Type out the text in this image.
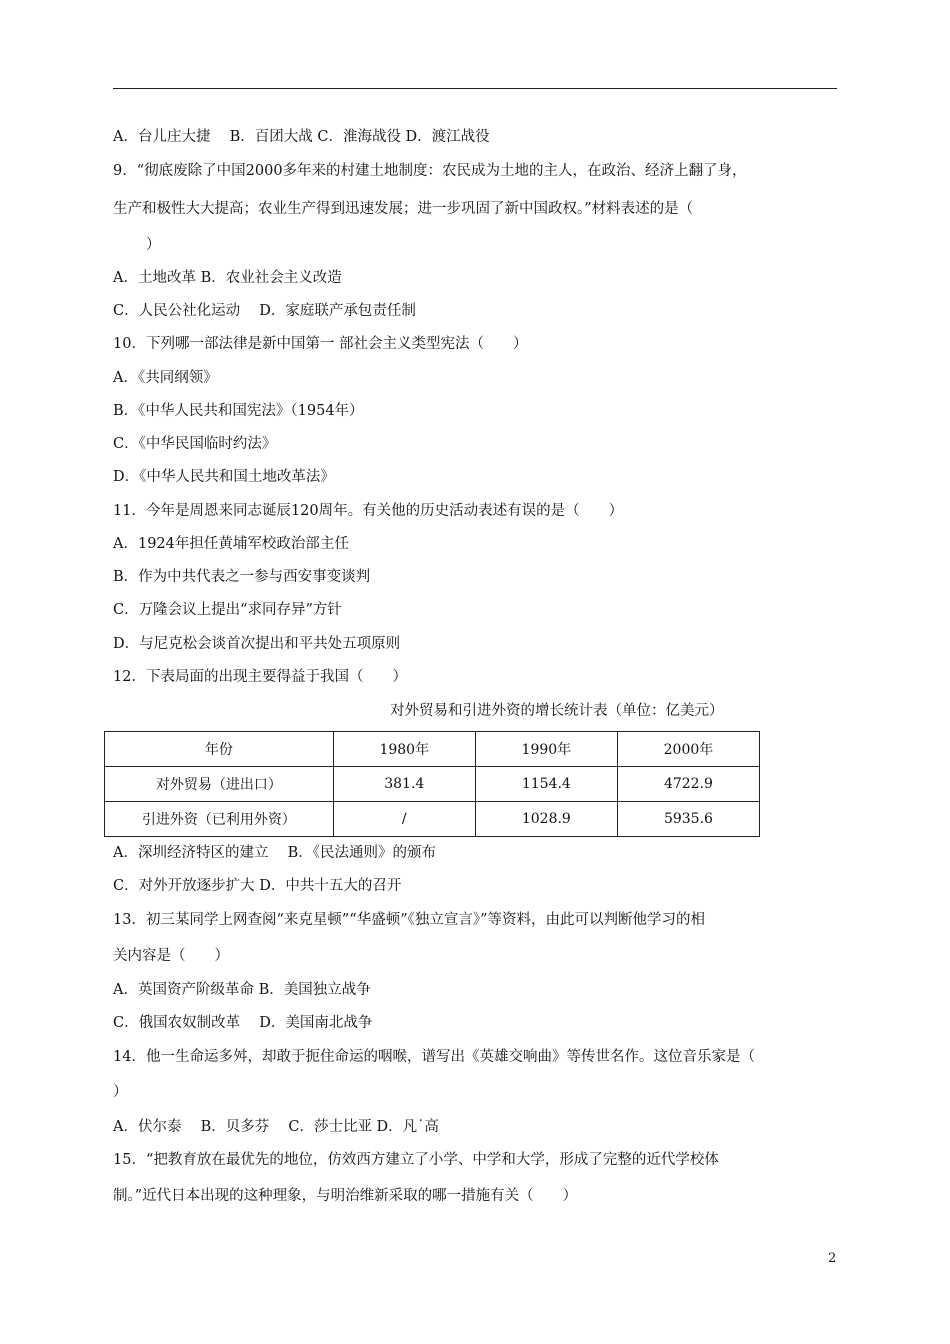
A．台儿庄大捷　 B．百团大战 C．淮海战役 D．渡江战役
9．“彻底废除了中国2000多年来的村建土地制度：农民成为土地的主人，在政治、经济上翻了身，
生产和极性大大提高；农业生产得到迅速发展；进一步巩固了新中国政权。”材料表述的是（
）
A．土地改革 B．农业社会主义改造
C．人民公社化运动　 D．家庭联产承包责任制
10．下列哪一部法律是新中国第一 部社会主义类型宪法（　　）
A．《共同纲领》
B．《中华人民共和国宪法》（1954年）
C．《中华民国临时约法》
D．《中华人民共和国土地改革法》
11．今年是周恩来同志诞辰120周年。有关他的历史活动表述有误的是（　　）
A．1924年担任黄埔军校政治部主任
B．作为中共代表之一参与西安事变谈判
C．万隆会议上提出“求同存异”方针
D．与尼克松会谈首次提出和平共处五项原则
12．下表局面的出现主要得益于我国（　　）
对外贸易和引进外资的增长统计表（单位：亿美元）
年份	1980年	1990年	2000年
对外贸易（进出口）	381.4	1154.4	4722.9
引进外资（已利用外资）	/	1028.9	5935.6
A．深圳经济特区的建立　 B．《民法通则》的颁布
C．对外开放逐步扩大 D．中共十五大的召开
13．初三某同学上网查阅“来克星顿”“华盛顿”《独立宣言》”等资料，由此可以判断他学习的相
关内容是（　　）
A．英国资产阶级革命 B．美国独立战争
C．俄国农奴制改革　 D．美国南北战争
14．他一生命运多舛，却敢于扼住命运的咽喉，谱写出《英雄交响曲》等传世名作。这位音乐家是（
）
A．伏尔泰　 B．贝多芬　 C．莎士比亚 D．凡˙高
15．“把教育放在最优先的地位，仿效西方建立了小学、中学和大学，形成了完整的近代学校体
制。”近代日本出现的这种理象，与明治维新采取的哪一措施有关（　　）
2
